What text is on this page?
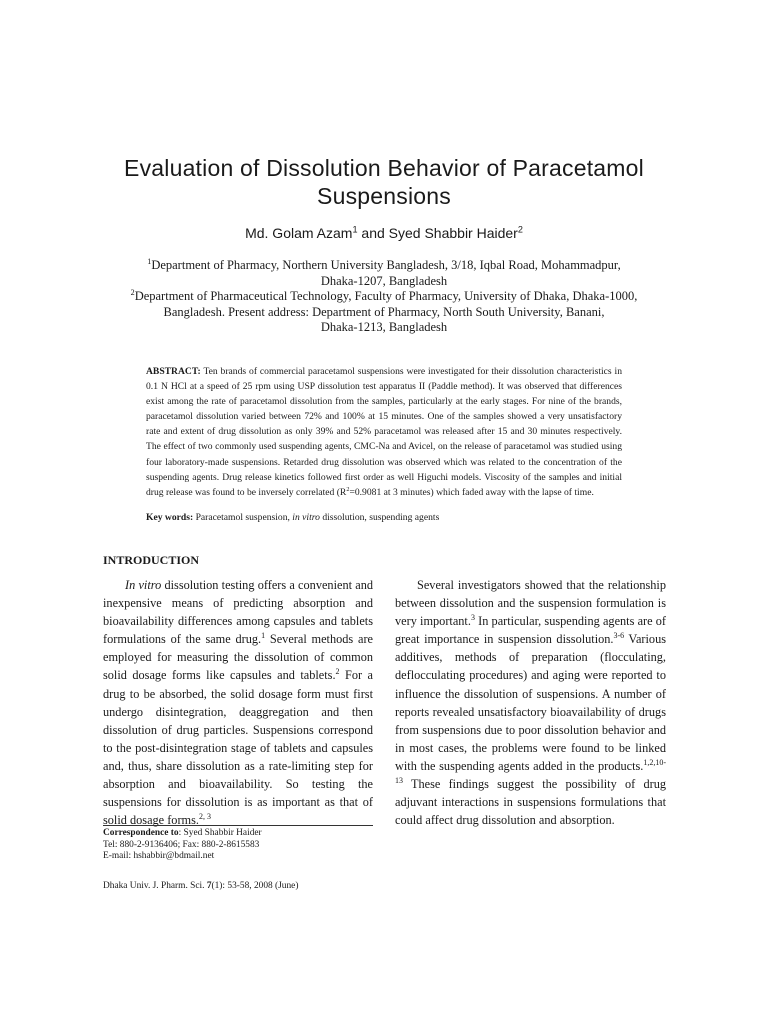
Evaluation of Dissolution Behavior of Paracetamol
Suspensions
Md. Golam Azam$^1$ and Syed Shabbir Haider$^2$
$^1$Department of Pharmacy, Northern University Bangladesh, 3/18, Iqbal Road, Mohammadpur,
Dhaka-1207, Bangladesh
$^2$Department of Pharmaceutical Technology, Faculty of Pharmacy, University of Dhaka, Dhaka-1000,
Bangladesh. Present address: Department of Pharmacy, North South University, Banani,
Dhaka-1213, Bangladesh
ABSTRACT: Ten brands of commercial paracetamol suspensions were investigated for their dissolution characteristics in 0.1 N HCl at a speed of 25 rpm using USP dissolution test apparatus II (Paddle method). It was observed that differences exist among the rate of paracetamol dissolution from the samples, particularly at the early stages. For nine of the brands, paracetamol dissolution varied between 72% and 100% at 15 minutes. One of the samples showed a very unsatisfactory rate and extent of drug dissolution as only 39% and 52% paracetamol was released after 15 and 30 minutes respectively. The effect of two commonly used suspending agents, CMC-Na and Avicel, on the release of paracetamol was studied using four laboratory-made suspensions. Retarded drug dissolution was observed which was related to the concentration of the suspending agents. Drug release kinetics followed first order as well Higuchi models. Viscosity of the samples and initial drug release was found to be inversely correlated ($R^2=0.9081$ at 3 minutes) which faded away with the lapse of time.
Key words: Paracetamol suspension, in vitro dissolution, suspending agents
INTRODUCTION
In vitro dissolution testing offers a convenient and inexpensive means of predicting absorption and bioavailability differences among capsules and tablets formulations of the same drug.$^1$ Several methods are employed for measuring the dissolution of common solid dosage forms like capsules and tablets.$^2$ For a drug to be absorbed, the solid dosage form must first undergo disintegration, deaggregation and then dissolution of drug particles. Suspensions correspond to the post-disintegration stage of tablets and capsules and, thus, share dissolution as a rate-limiting step for absorption and bioavailability. So testing the suspensions for dissolution is as important as that of solid dosage forms.$^{2, 3}$
Several investigators showed that the relationship between dissolution and the suspension formulation is very important.$^3$ In particular, suspending agents are of great importance in suspension dissolution.$^{3-6}$ Various additives, methods of preparation (flocculating, deflocculating procedures) and aging were reported to influence the dissolution of suspensions. A number of reports revealed unsatisfactory bioavailability of drugs from suspensions due to poor dissolution behavior and in most cases, the problems were found to be linked with the suspending agents added in the products.$^{1,2,10-13}$ These findings suggest the possibility of drug adjuvant interactions in suspensions formulations that could affect drug dissolution and absorption.
Correspondence to: Syed Shabbir Haider
Tel: 880-2-9136406; Fax: 880-2-8615583
E-mail: hshabbir@bdmail.net
Dhaka Univ. J. Pharm. Sci. 7(1): 53-58, 2008 (June)
